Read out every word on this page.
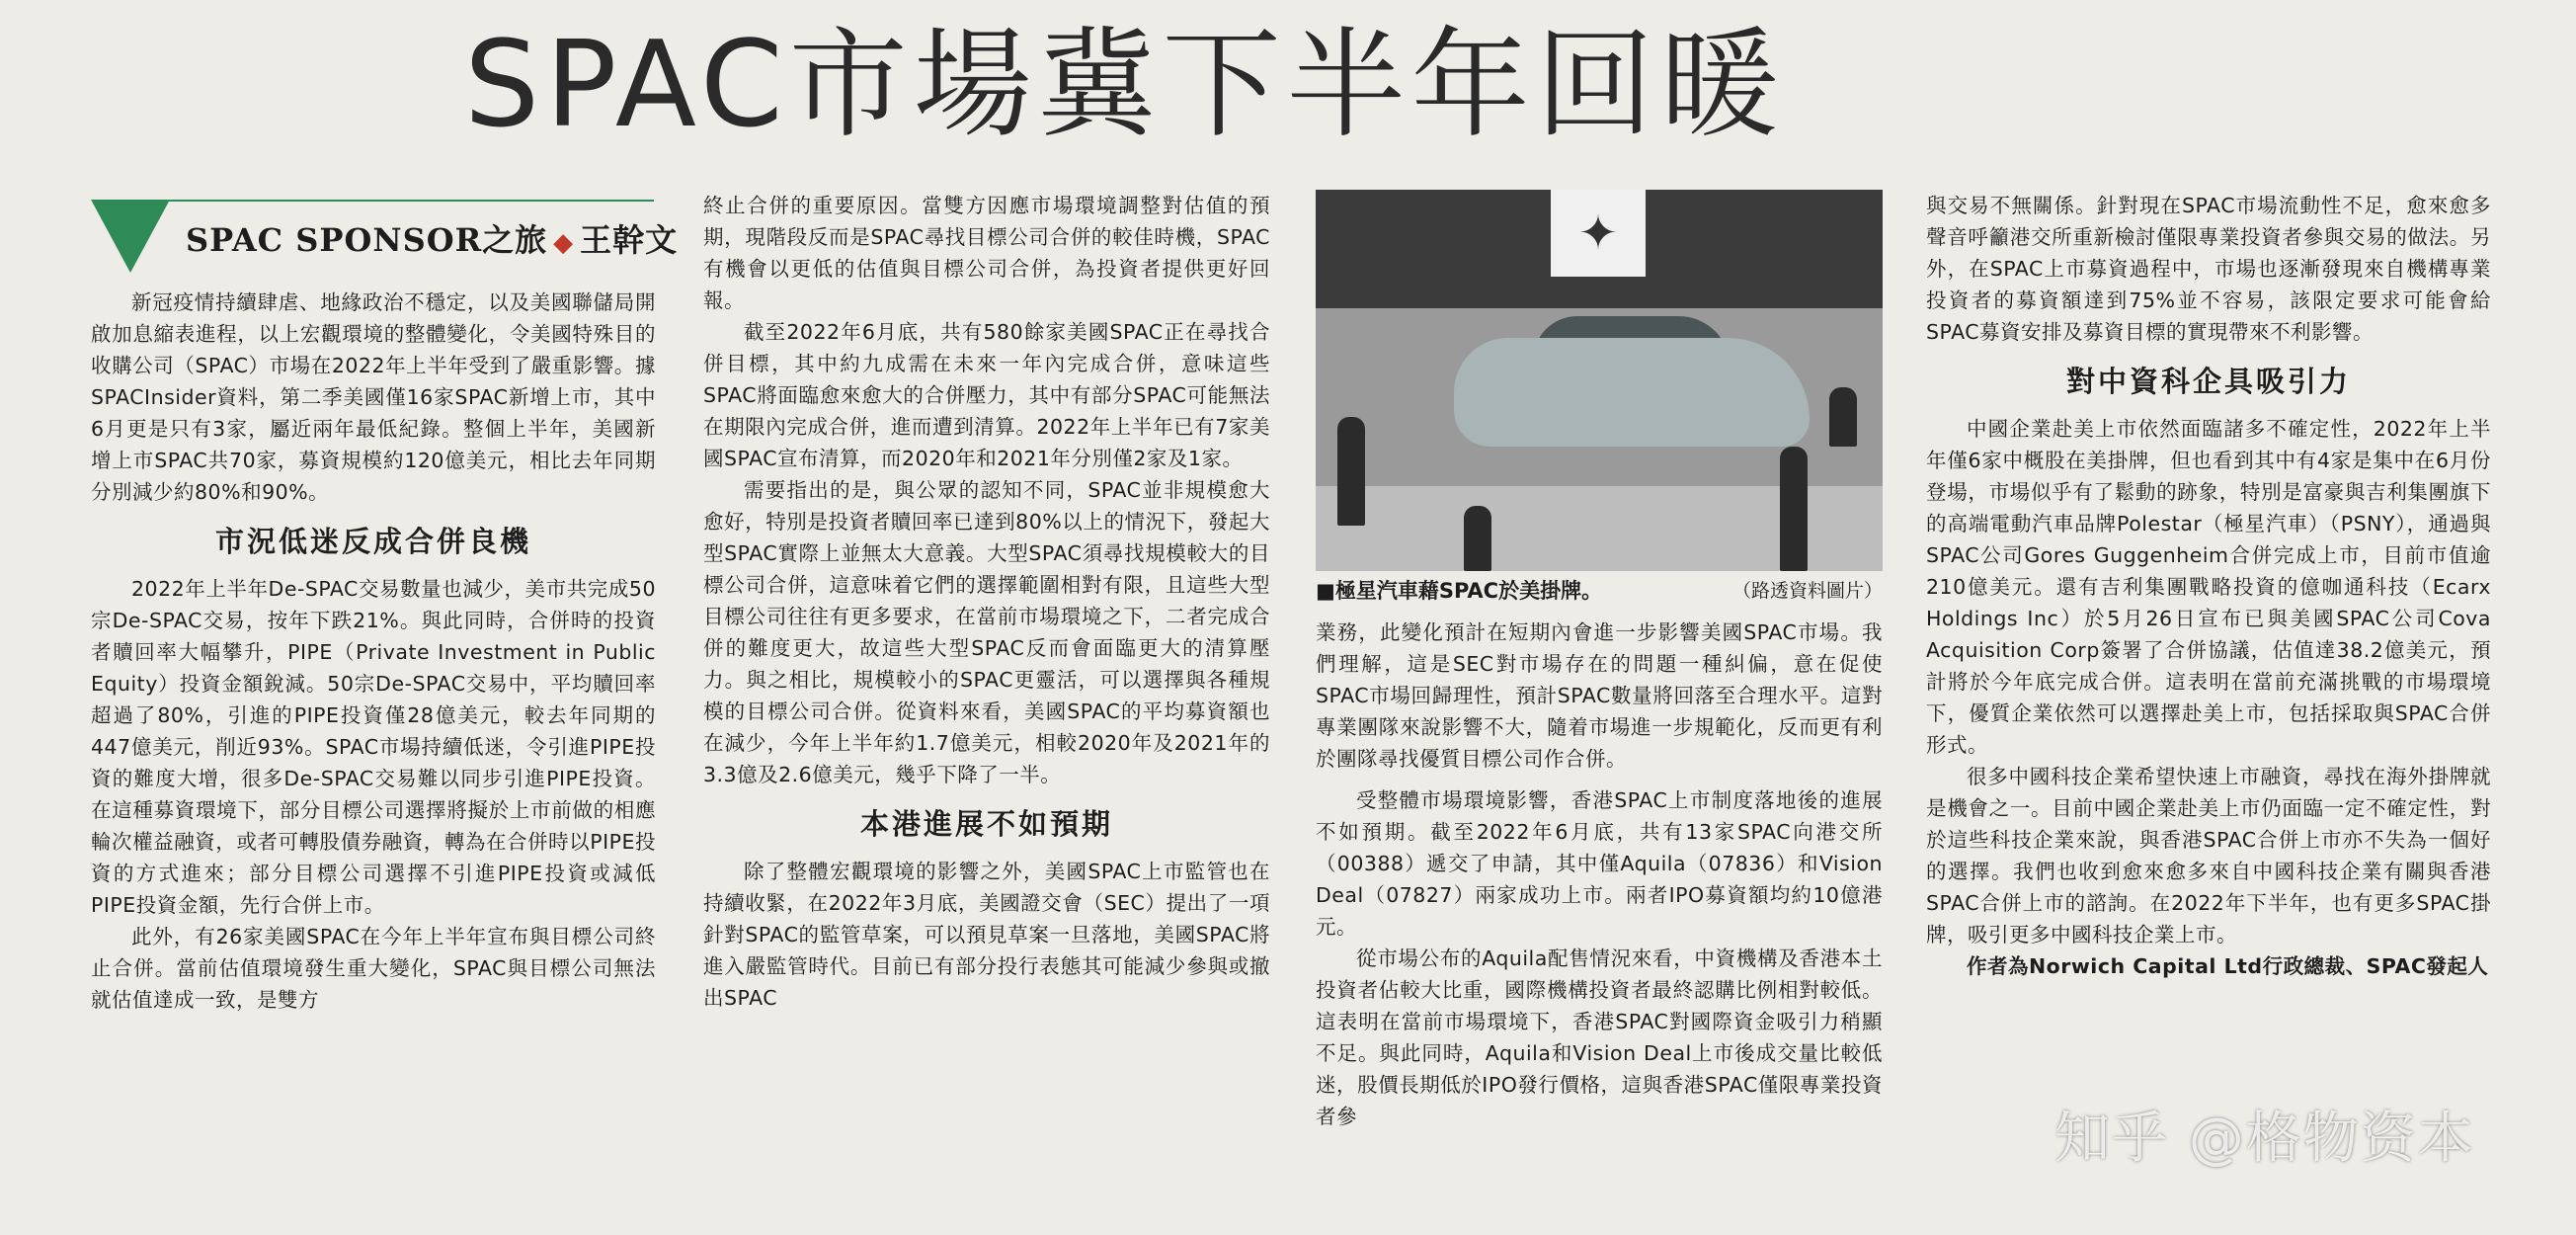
SPAC市場冀下半年回暖
SPAC SPONSOR之旅 ◆ 王幹文

新冠疫情持續肆虐、地緣政治不穩定，以及美國聯儲局開啟加息縮表進程，以上宏觀環境的整體變化，令美國特殊目的收購公司（SPAC）市場在2022年上半年受到了嚴重影響。據SPACInsider資料，第二季美國僅16家SPAC新增上市，其中6月更是只有3家，屬近兩年最低紀錄。整個上半年，美國新增上市SPAC共70家，募資規模約120億美元，相比去年同期分別減少約80%和90%。

市況低迷反成合併良機

2022年上半年De-SPAC交易數量也減少，美市共完成50宗De-SPAC交易，按年下跌21%。與此同時，合併時的投資者贖回率大幅攀升，PIPE（Private Investment in Public Equity）投資金額銳減。50宗De-SPAC交易中，平均贖回率超過了80%，引進的PIPE投資僅28億美元，較去年同期的447億美元，削近93%。SPAC市場持續低迷，令引進PIPE投資的難度大增，很多De-SPAC交易難以同步引進PIPE投資。在這種募資環境下，部分目標公司選擇將擬於上市前做的相應輪次權益融資，或者可轉股債券融資，轉為在合併時以PIPE投資的方式進來；部分目標公司選擇不引進PIPE投資或減低PIPE投資金額，先行合併上市。

此外，有26家美國SPAC在今年上半年宣布與目標公司終止合併。當前估值環境發生重大變化，SPAC與目標公司無法就估值達成一致，是雙方

終止合併的重要原因。當雙方因應市場環境調整對估值的預期，現階段反而是SPAC尋找目標公司合併的較佳時機，SPAC有機會以更低的估值與目標公司合併，為投資者提供更好回報。

截至2022年6月底，共有580餘家美國SPAC正在尋找合併目標，其中約九成需在未來一年內完成合併，意味這些SPAC將面臨愈來愈大的合併壓力，其中有部分SPAC可能無法在期限內完成合併，進而遭到清算。2022年上半年已有7家美國SPAC宣布清算，而2020年和2021年分別僅2家及1家。

需要指出的是，與公眾的認知不同，SPAC並非規模愈大愈好，特別是投資者贖回率已達到80%以上的情況下，發起大型SPAC實際上並無太大意義。大型SPAC須尋找規模較大的目標公司合併，這意味着它們的選擇範圍相對有限，且這些大型目標公司往往有更多要求，在當前市場環境之下，二者完成合併的難度更大，故這些大型SPAC反而會面臨更大的清算壓力。與之相比，規模較小的SPAC更靈活，可以選擇與各種規模的目標公司合併。從資料來看，美國SPAC的平均募資額也在減少，今年上半年約1.7億美元，相較2020年及2021年的3.3億及2.6億美元，幾乎下降了一半。

本港進展不如預期

除了整體宏觀環境的影響之外，美國SPAC上市監管也在持續收緊，在2022年3月底，美國證交會（SEC）提出了一項針對SPAC的監管草案，可以預見草案一旦落地，美國SPAC將進入嚴監管時代。目前已有部分投行表態其可能減少參與或撤出SPAC

✦
■極星汽車藉SPAC於美掛牌。	（路透資料圖片）

業務，此變化預計在短期內會進一步影響美國SPAC市場。我們理解，這是SEC對市場存在的問題一種糾偏，意在促使SPAC市場回歸理性，預計SPAC數量將回落至合理水平。這對專業團隊來說影響不大，隨着市場進一步規範化，反而更有利於團隊尋找優質目標公司作合併。

受整體市場環境影響，香港SPAC上市制度落地後的進展不如預期。截至2022年6月底，共有13家SPAC向港交所（00388）遞交了申請，其中僅Aquila（07836）和Vision Deal（07827）兩家成功上市。兩者IPO募資額均約10億港元。

從市場公布的Aquila配售情況來看，中資機構及香港本土投資者佔較大比重，國際機構投資者最終認購比例相對較低。這表明在當前市場環境下，香港SPAC對國際資金吸引力稍顯不足。與此同時，Aquila和Vision Deal上市後成交量比較低迷，股價長期低於IPO發行價格，這與香港SPAC僅限專業投資者參

與交易不無關係。針對現在SPAC市場流動性不足，愈來愈多聲音呼籲港交所重新檢討僅限專業投資者參與交易的做法。另外，在SPAC上市募資過程中，市場也逐漸發現來自機構專業投資者的募資額達到75%並不容易，該限定要求可能會給SPAC募資安排及募資目標的實現帶來不利影響。

對中資科企具吸引力

中國企業赴美上市依然面臨諸多不確定性，2022年上半年僅6家中概股在美掛牌，但也看到其中有4家是集中在6月份登場，市場似乎有了鬆動的跡象，特別是富豪與吉利集團旗下的高端電動汽車品牌Polestar（極星汽車）（PSNY），通過與SPAC公司Gores Guggenheim合併完成上市，目前市值逾210億美元。還有吉利集團戰略投資的億咖通科技（Ecarx Holdings Inc）於5月26日宣布已與美國SPAC公司Cova Acquisition Corp簽署了合併協議，估值達38.2億美元，預計將於今年底完成合併。這表明在當前充滿挑戰的市場環境下，優質企業依然可以選擇赴美上市，包括採取與SPAC合併形式。

很多中國科技企業希望快速上市融資，尋找在海外掛牌就是機會之一。目前中國企業赴美上市仍面臨一定不確定性，對於這些科技企業來說，與香港SPAC合併上市亦不失為一個好的選擇。我們也收到愈來愈多來自中國科技企業有關與香港SPAC合併上市的諮詢。在2022年下半年，也有更多SPAC掛牌，吸引更多中國科技企業上市。

作者為Norwich Capital Ltd行政總裁、SPAC發起人

知乎 @格物资本
